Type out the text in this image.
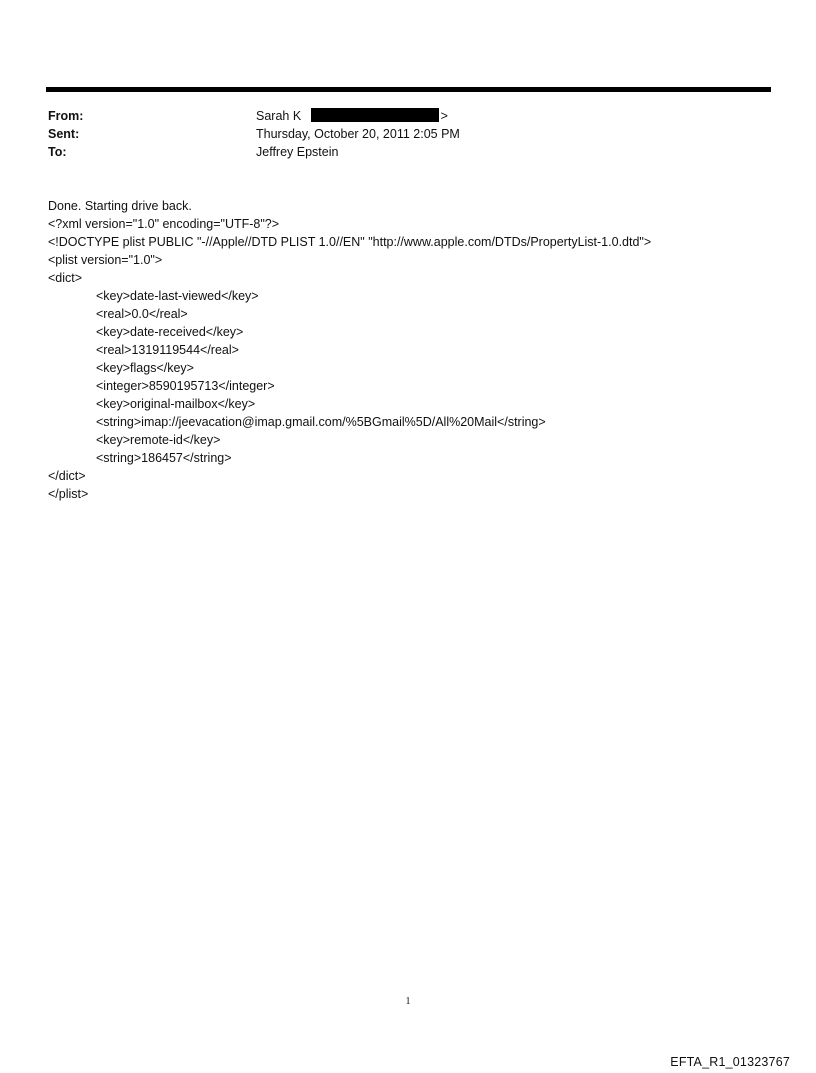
From:	Sarah K	>
Sent:	Thursday, October 20, 2011 2:05 PM
To:	Jeffrey Epstein
Done. Starting drive back.
<?xml version="1.0" encoding="UTF-8"?>
<!DOCTYPE plist PUBLIC "-//Apple//DTD PLIST 1.0//EN" "http://www.apple.com/DTDs/PropertyList-1.0.dtd">
<plist version="1.0">
<dict>
<key>date-last-viewed</key>
<real>0.0</real>
<key>date-received</key>
<real>1319119544</real>
<key>flags</key>
<integer>8590195713</integer>
<key>original-mailbox</key>
<string>imap://jeevacation@imap.gmail.com/%5BGmail%5D/All%20Mail</string>
<key>remote-id</key>
<string>186457</string>
</dict>
</plist>
1
EFTA_R1_01323767
